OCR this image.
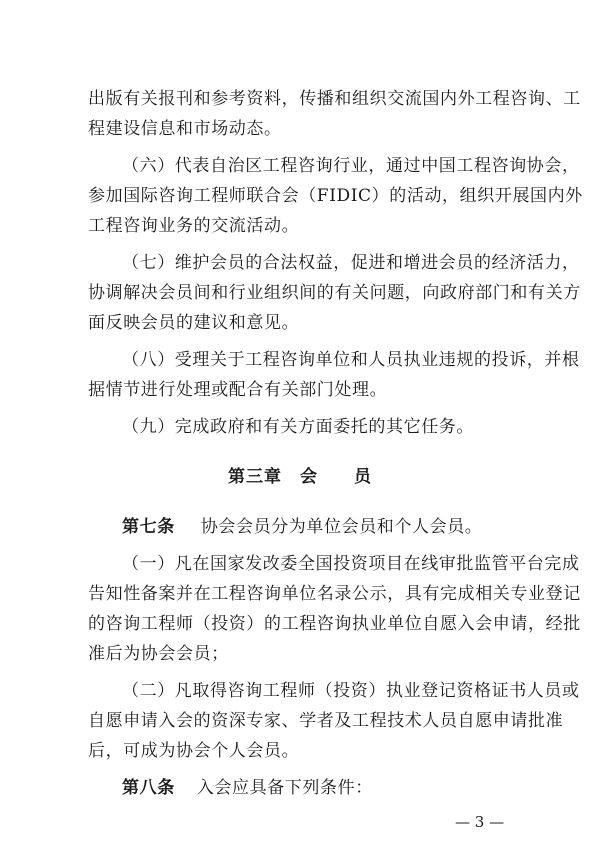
出版有关报刊和参考资料，传播和组织交流国内外工程咨询、工
程建设信息和市场动态。
（六）代表自治区工程咨询行业，通过中国工程咨询协会，
参加国际咨询工程师联合会（FIDIC）的活动，组织开展国内外
工程咨询业务的交流活动。
（七）维护会员的合法权益，促进和增进会员的经济活力，
协调解决会员间和行业组织间的有关问题，向政府部门和有关方
面反映会员的建议和意见。
（八）受理关于工程咨询单位和人员执业违规的投诉，并根
据情节进行处理或配合有关部门处理。
（九）完成政府和有关方面委托的其它任务。
第三章　会　　员
第七条 协会会员分为单位会员和个人会员。
（一）凡在国家发改委全国投资项目在线审批监管平台完成
告知性备案并在工程咨询单位名录公示，具有完成相关专业登记
的咨询工程师（投资）的工程咨询执业单位自愿入会申请，经批
准后为协会会员；
— 3 —
（二）凡取得咨询工程师（投资）执业登记资格证书人员或
自愿申请入会的资深专家、学者及工程技术人员自愿申请批准
后，可成为协会个人会员。
第八条 入会应具备下列条件：
